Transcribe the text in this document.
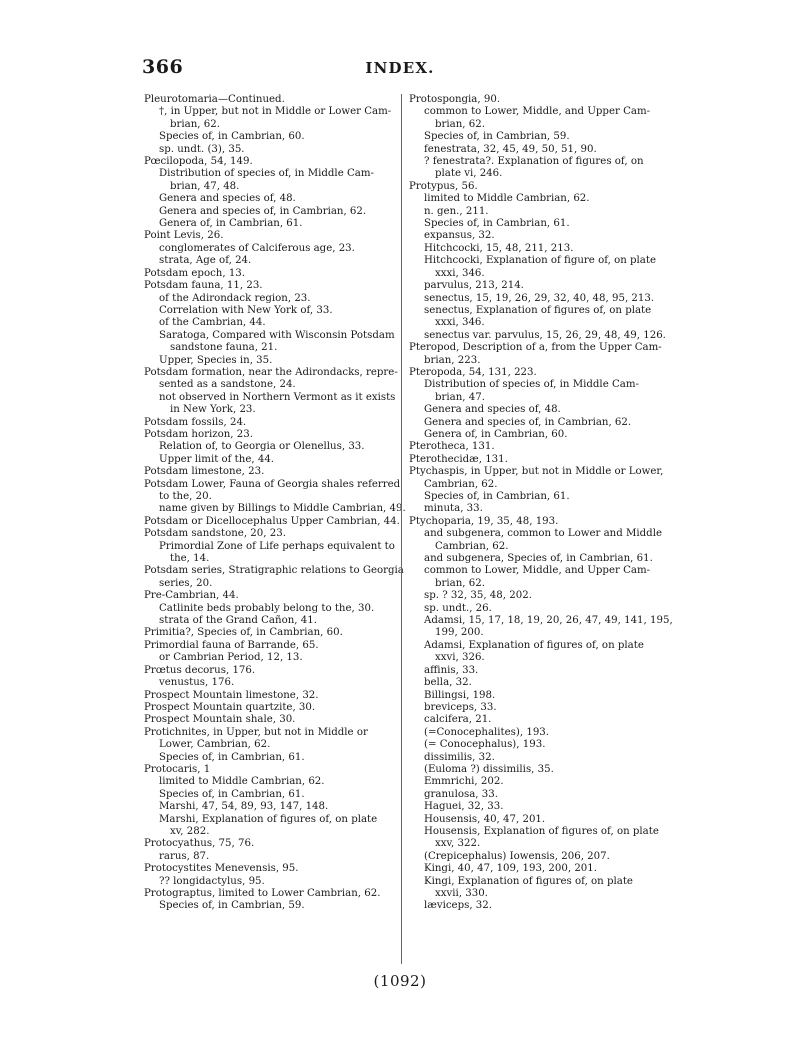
366	INDEX.
Pleurotomaria—Continued.
†, in Upper, but not in Middle or Lower Cam-
brian, 62.
Species of, in Cambrian, 60.
sp. undt. (3), 35.
Pœcilopoda, 54, 149.
Distribution of species of, in Middle Cam-
brian, 47, 48.
Genera and species of, 48.
Genera and species of, in Cambrian, 62.
Genera of, in Cambrian, 61.
Point Levis, 26.
conglomerates of Calciferous age, 23.
strata, Age of, 24.
Potsdam epoch, 13.
Potsdam fauna, 11, 23.
of the Adirondack region, 23.
Correlation with New York of, 33.
of the Cambrian, 44.
Saratoga, Compared with Wisconsin Potsdam
sandstone fauna, 21.
Upper, Species in, 35.
Potsdam formation, near the Adirondacks, repre-
sented as a sandstone, 24.
not observed in Northern Vermont as it exists
in New York, 23.
Potsdam fossils, 24.
Potsdam horizon, 23.
Relation of, to Georgia or Olenellus, 33.
Upper limit of the, 44.
Potsdam limestone, 23.
Potsdam Lower, Fauna of Georgia shales referred
to the, 20.
name given by Billings to Middle Cambrian, 49.
Potsdam or Dicellocephalus Upper Cambrian, 44.
Potsdam sandstone, 20, 23.
Primordial Zone of Life perhaps equivalent to
the, 14.
Potsdam series, Stratigraphic relations to Georgia
series, 20.
Pre-Cambrian, 44.
Catlinite beds probably belong to the, 30.
strata of the Grand Cañon, 41.
Primitia?, Species of, in Cambrian, 60.
Primordial fauna of Barrande, 65.
or Cambrian Period, 12, 13.
Prœtus decorus, 176.
venustus, 176.
Prospect Mountain limestone, 32.
Prospect Mountain quartzite, 30.
Prospect Mountain shale, 30.
Protichnites, in Upper, but not in Middle or
Lower, Cambrian, 62.
Species of, in Cambrian, 61.
Protocaris, 1
limited to Middle Cambrian, 62.
Species of, in Cambrian, 61.
Marshi, 47, 54, 89, 93, 147, 148.
Marshi, Explanation of figures of, on plate
xv, 282.
Protocyathus, 75, 76.
rarus, 87.
Protocystites Menevensis, 95.
?? longidactylus, 95.
Protograptus, limited to Lower Cambrian, 62.
Species of, in Cambrian, 59.
Protospongia, 90.
common to Lower, Middle, and Upper Cam-
brian, 62.
Species of, in Cambrian, 59.
fenestrata, 32, 45, 49, 50, 51, 90.
? fenestrata?. Explanation of figures of, on
plate vi, 246.
Protypus, 56.
limited to Middle Cambrian, 62.
n. gen., 211.
Species of, in Cambrian, 61.
expansus, 32.
Hitchcocki, 15, 48, 211, 213.
Hitchcocki, Explanation of figure of, on plate
xxxi, 346.
parvulus, 213, 214.
senectus, 15, 19, 26, 29, 32, 40, 48, 95, 213.
senectus, Explanation of figures of, on plate
xxxi, 346.
senectus var. parvulus, 15, 26, 29, 48, 49, 126.
Pteropod, Description of a, from the Upper Cam-
brian, 223.
Pteropoda, 54, 131, 223.
Distribution of species of, in Middle Cam-
brian, 47.
Genera and species of, 48.
Genera and species of, in Cambrian, 62.
Genera of, in Cambrian, 60.
Pterotheca, 131.
Pterothecidæ, 131.
Ptychaspis, in Upper, but not in Middle or Lower,
Cambrian, 62.
Species of, in Cambrian, 61.
minuta, 33.
Ptychoparia, 19, 35, 48, 193.
and subgenera, common to Lower and Middle
Cambrian, 62.
and subgenera, Species of, in Cambrian, 61.
common to Lower, Middle, and Upper Cam-
brian, 62.
sp. ? 32, 35, 48, 202.
sp. undt., 26.
Adamsi, 15, 17, 18, 19, 20, 26, 47, 49, 141, 195,
199, 200.
Adamsi, Explanation of figures of, on plate
xxvi, 326.
affinis, 33.
bella, 32.
Billingsi, 198.
breviceps, 33.
calcifera, 21.
(=Conocephalites), 193.
(= Conocephalus), 193.
dissimilis, 32.
(Euloma ?) dissimilis, 35.
Emmrichi, 202.
granulosa, 33.
Haguei, 32, 33.
Housensis, 40, 47, 201.
Housensis, Explanation of figures of, on plate
xxv, 322.
(Crepicephalus) Iowensis, 206, 207.
Kingi, 40, 47, 109, 193, 200, 201.
Kingi, Explanation of figures of, on plate
xxvii, 330.
læviceps, 32.
(1092)
